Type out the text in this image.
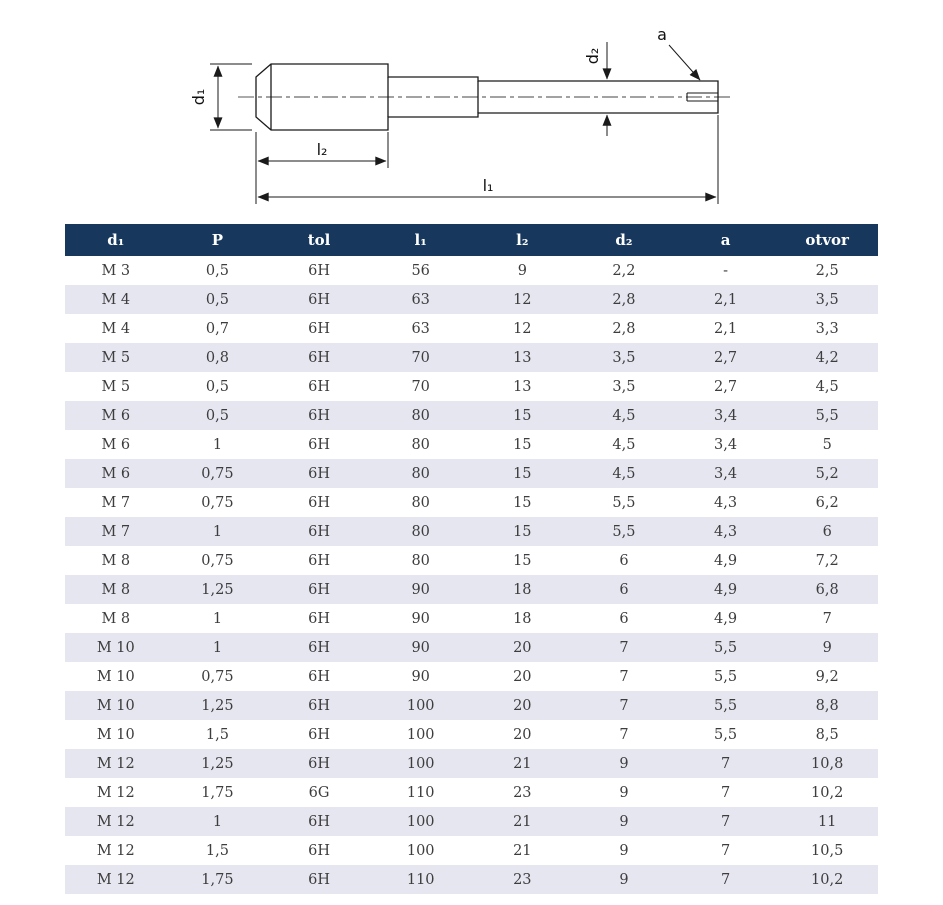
d₁
l₂
l₁
d₂
a
d₁	P	tol	l₁	l₂	d₂	a	otvor
M 3	0,5	6H	56	9	2,2	-	2,5
M 4	0,5	6H	63	12	2,8	2,1	3,5
M 4	0,7	6H	63	12	2,8	2,1	3,3
M 5	0,8	6H	70	13	3,5	2,7	4,2
M 5	0,5	6H	70	13	3,5	2,7	4,5
M 6	0,5	6H	80	15	4,5	3,4	5,5
M 6	1	6H	80	15	4,5	3,4	5
M 6	0,75	6H	80	15	4,5	3,4	5,2
M 7	0,75	6H	80	15	5,5	4,3	6,2
M 7	1	6H	80	15	5,5	4,3	6
M 8	0,75	6H	80	15	6	4,9	7,2
M 8	1,25	6H	90	18	6	4,9	6,8
M 8	1	6H	90	18	6	4,9	7
M 10	1	6H	90	20	7	5,5	9
M 10	0,75	6H	90	20	7	5,5	9,2
M 10	1,25	6H	100	20	7	5,5	8,8
M 10	1,5	6H	100	20	7	5,5	8,5
M 12	1,25	6H	100	21	9	7	10,8
M 12	1,75	6G	110	23	9	7	10,2
M 12	1	6H	100	21	9	7	11
M 12	1,5	6H	100	21	9	7	10,5
M 12	1,75	6H	110	23	9	7	10,2
